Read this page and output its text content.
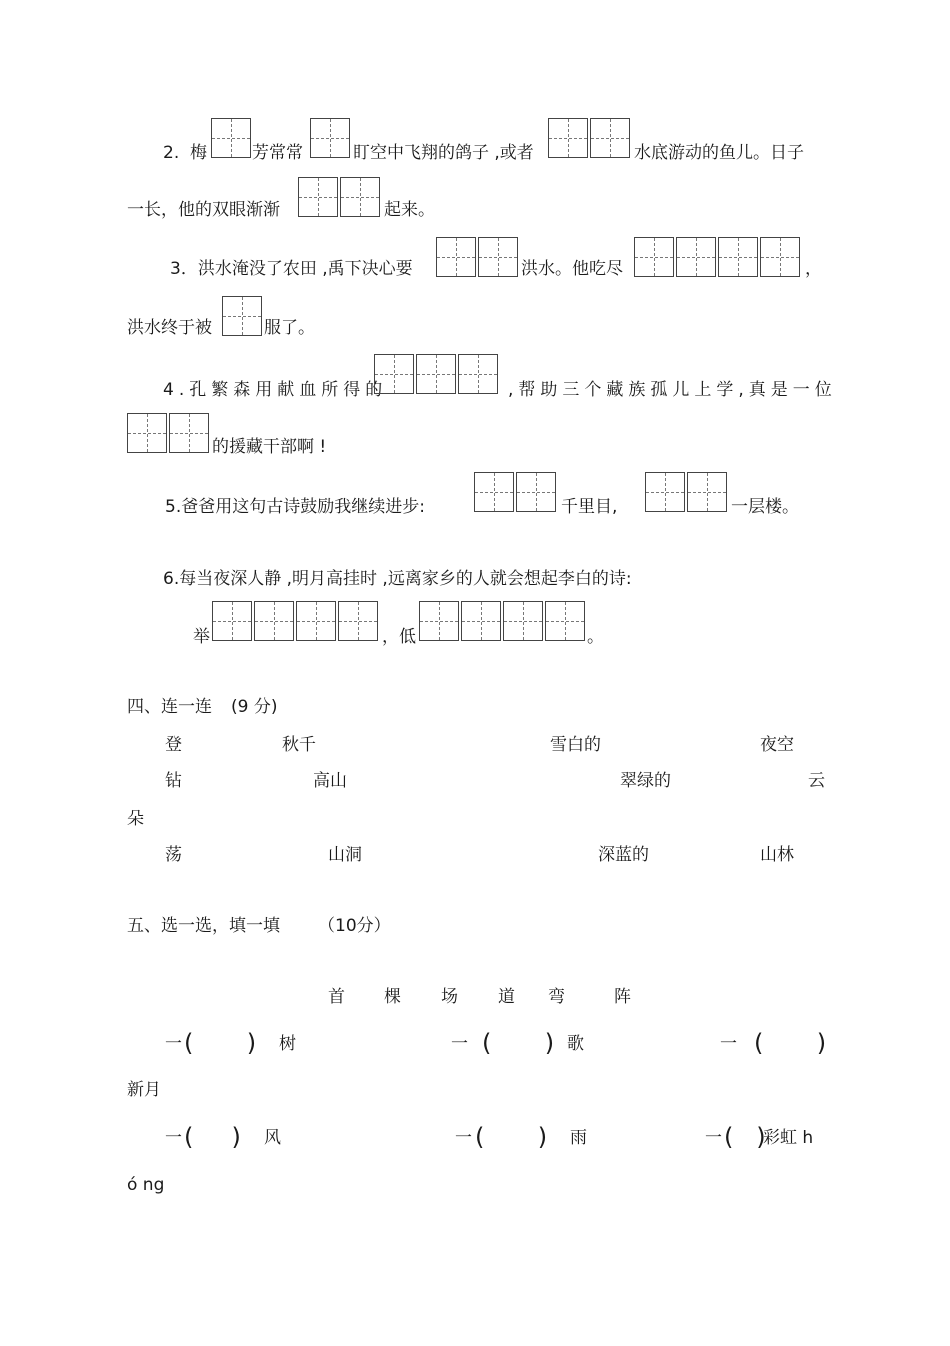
2. 梅	芳常常	盯空中飞翔的鸽子 ,或者	水底游动的鱼儿。日子
一长，他的双眼渐渐	起来。
3．洪水淹没了农田 ,禹下决心要	洪水。他吃尽	，
洪水终于被	服了。
4.孔繁森用献血所得的	,帮助三个藏族孤儿上学,真是一位
的援藏干部啊 !
5.爸爸用这句古诗鼓励我继续进步:	千里目,	一层楼。
6.每当夜深人静 ,明月高挂时 ,远离家乡的人就会想起李白的诗:
举	，低	。
四、连一连 (9 分)
登	秋千	雪白的	夜空
钻	高山	翠绿的	云
朵
荡	山洞	深蓝的	山林
五、选一选，填一填 （10分）
首 棵 场 道 弯	阵
一 (       ) 树	一 (       ) 歌	一 (       )
新月
一 (     ) 风	一 (       ) 雨	一 (   )
彩虹 h
ó ng
